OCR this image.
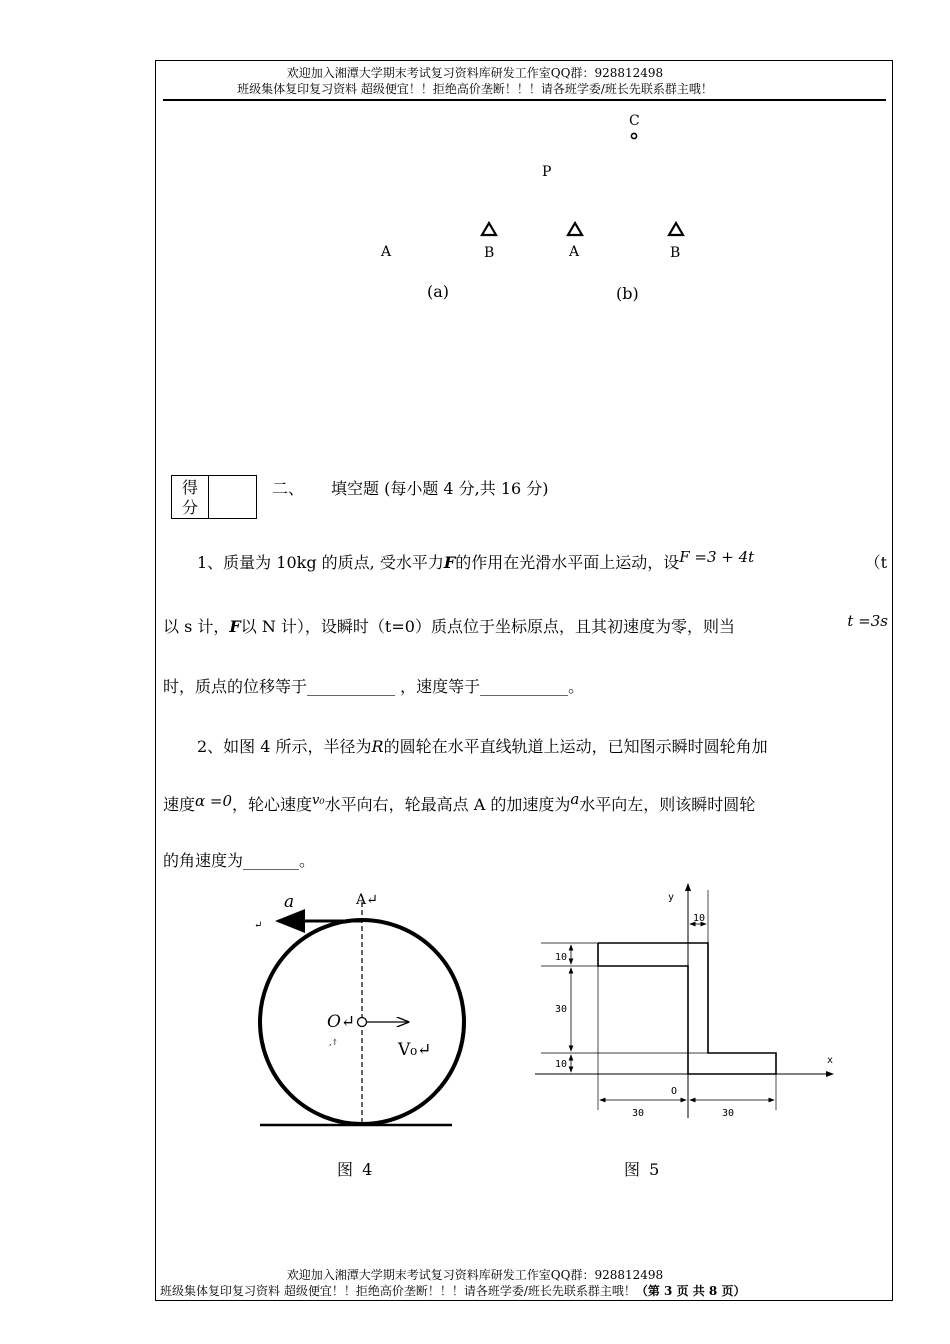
欢迎加入湘潭大学期末考试复习资料库研发工作室QQ群：928812498
班级集体复印复习资料 超级便宜！！拒绝高价垄断！！！请各班学委/班长先联系群主哦！
C
P
A	B	A	B
(a)	(b)
得
分
二、 填空题 (每小题 4 分,共 16 分)
1、质量为 10kg 的质点, 受水平力F的作用在光滑水平面上运动，设F =3 + 4t	（t
以 s 计，F以 N 计），设瞬时（t=0）质点位于坐标原点，且其初速度为零，则当	t =3s
时，质点的位移等于___________ ，速度等于___________。
2、如图 4 所示，半径为R的圆轮在水平直线轨道上运动，已知图示瞬时圆轮角加
速度α =0，轮心速度$^{v_0}$水平向右，轮最高点 A 的加速度为a水平向左，则该瞬时圆轮
的角速度为_______。
a	A↵
↵
O↵
,↑	V₀↵
图 4
y
x
O
10
10
30
10
30	30
图 5
欢迎加入湘潭大学期末考试复习资料库研发工作室QQ群：928812498
班级集体复印复习资料 超级便宜！！拒绝高价垄断！！！请各班学委/班长先联系群主哦！（第 3 页 共 8 页）
